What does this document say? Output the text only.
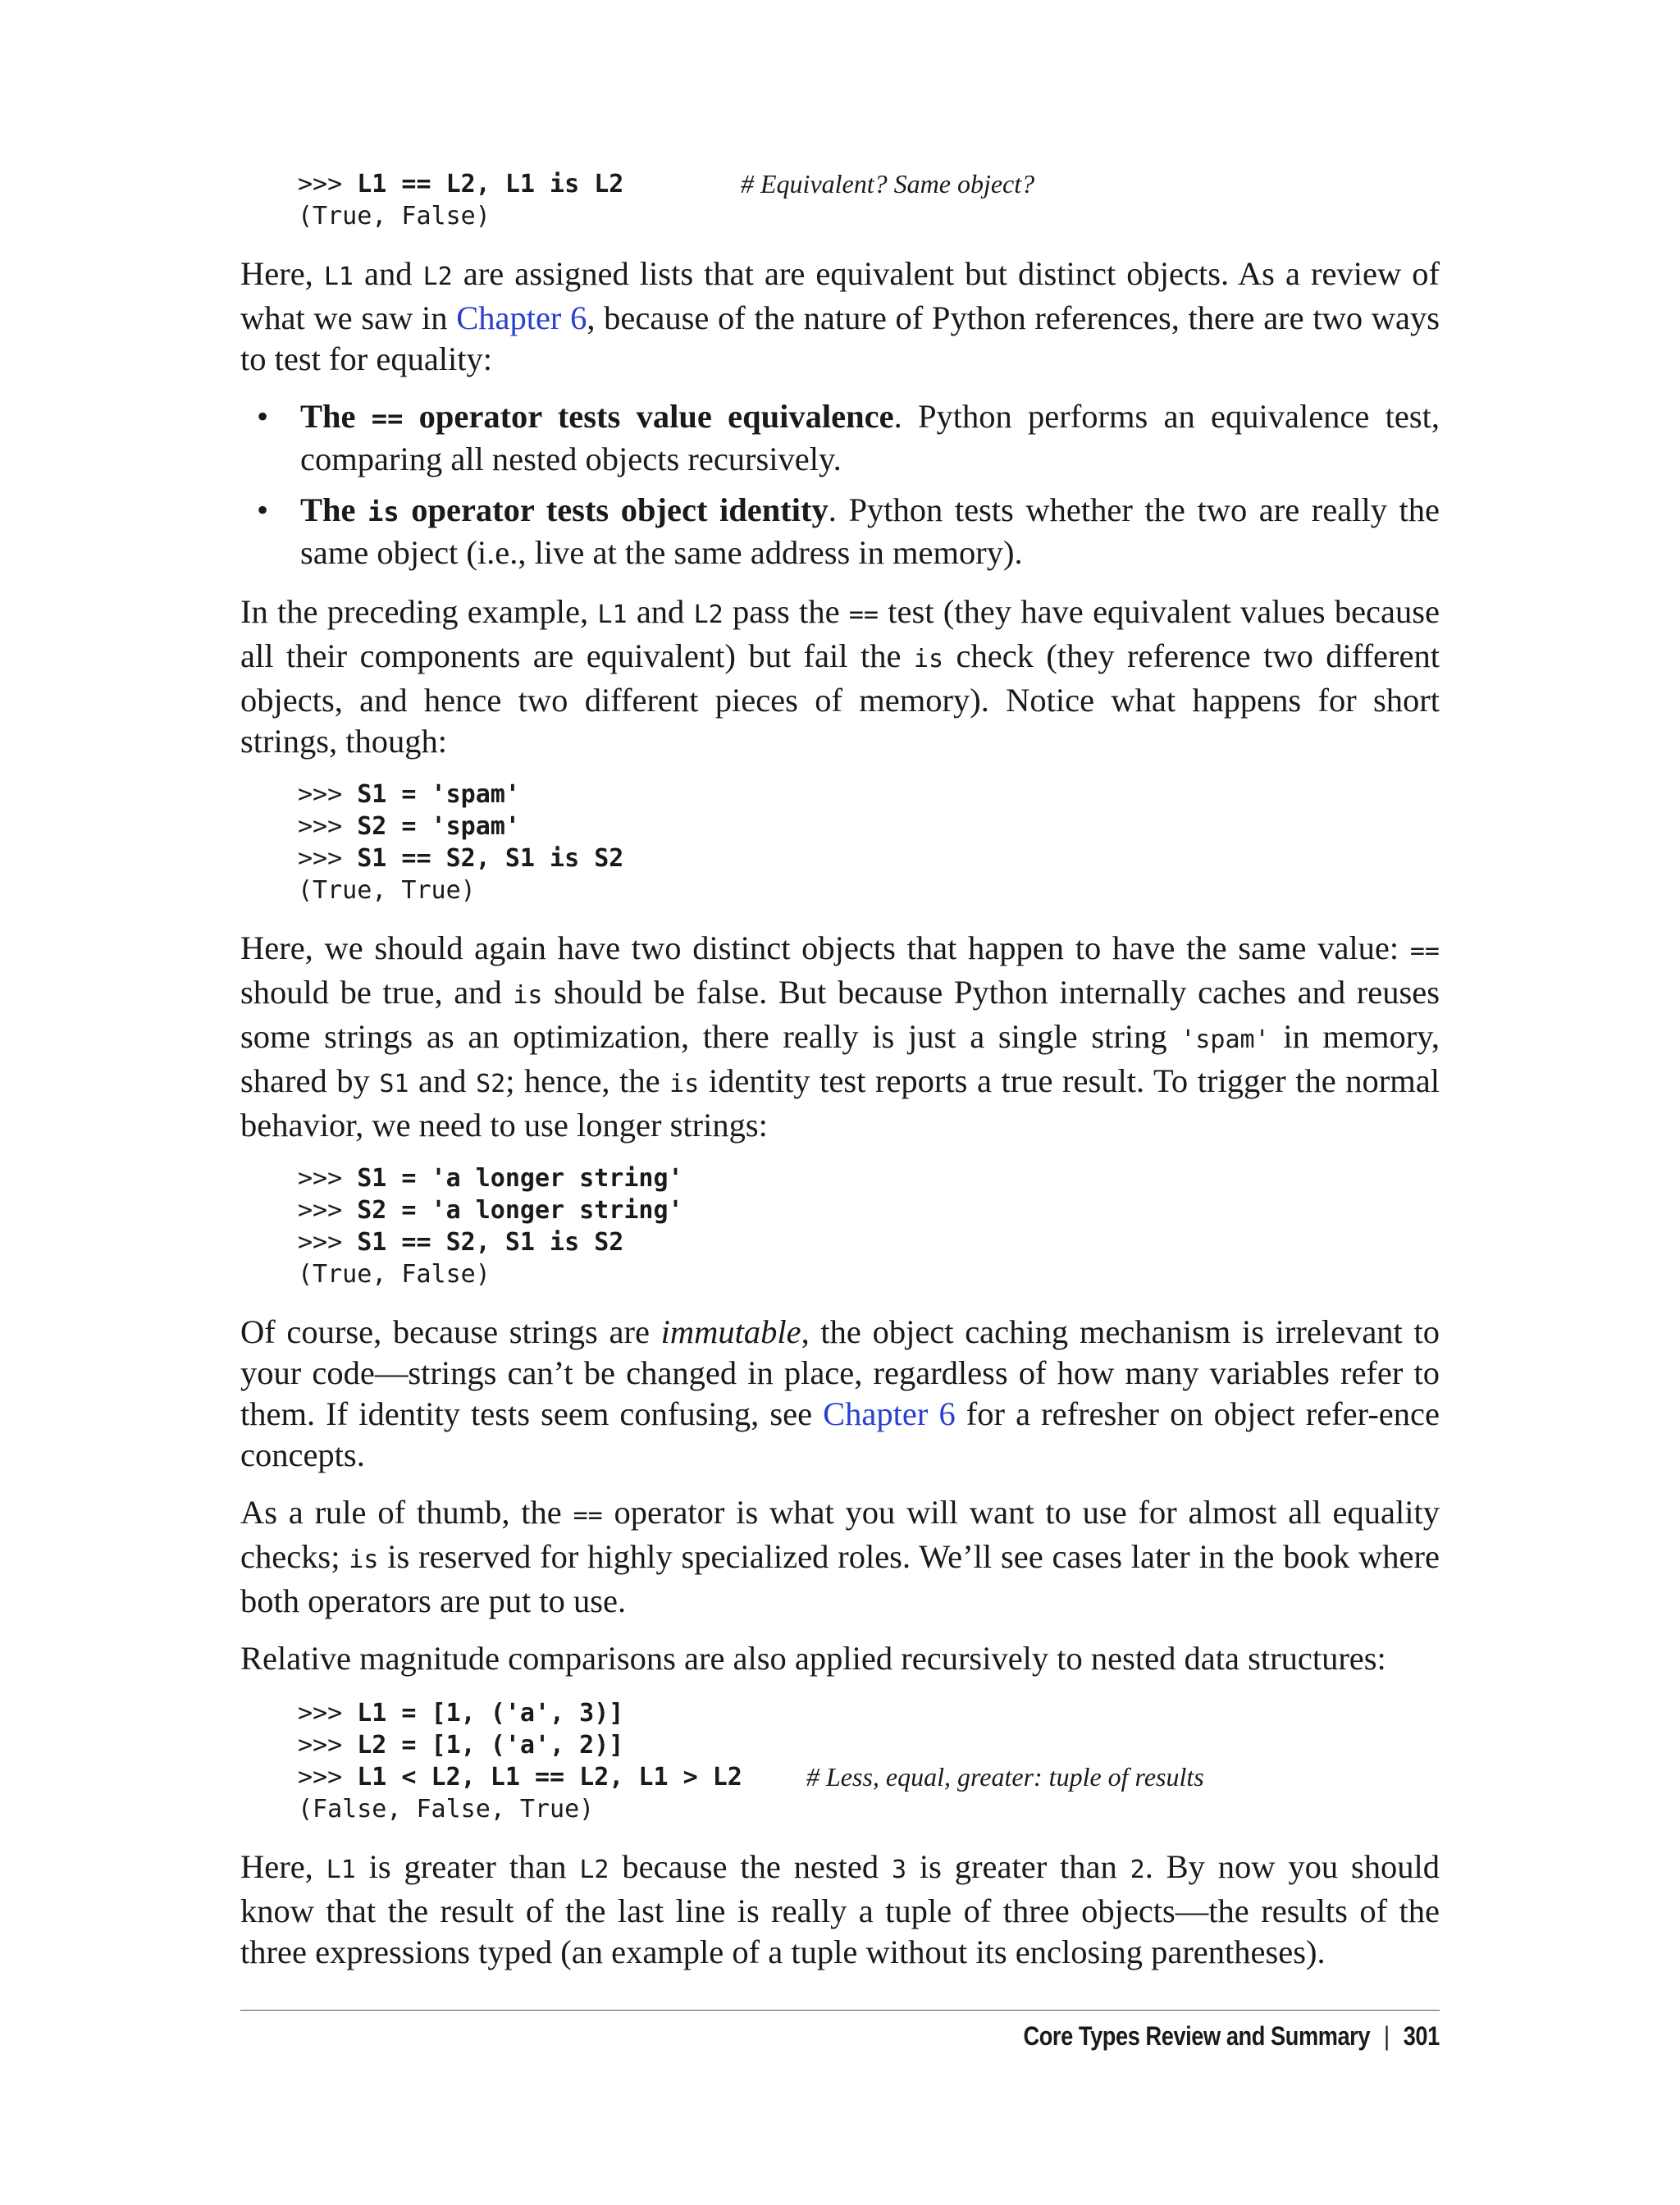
>>> L1 == L2, L1 is L2	# Equivalent? Same object?
(True, False)

Here, L1 and L2 are assigned lists that are equivalent but distinct objects. As a review of what we saw in Chapter 6, because of the nature of Python references, there are two ways to test for equality:

• The == operator tests value equivalence. Python performs an equivalence test, comparing all nested objects recursively.
• The is operator tests object identity. Python tests whether the two are really the same object (i.e., live at the same address in memory).

In the preceding example, L1 and L2 pass the == test (they have equivalent values because all their components are equivalent) but fail the is check (they reference two different objects, and hence two different pieces of memory). Notice what happens for short strings, though:

>>> S1 = 'spam'
>>> S2 = 'spam'
>>> S1 == S2, S1 is S2
(True, True)

Here, we should again have two distinct objects that happen to have the same value: == should be true, and is should be false. But because Python internally caches and reuses some strings as an optimization, there really is just a single string 'spam' in memory, shared by S1 and S2; hence, the is identity test reports a true result. To trigger the normal behavior, we need to use longer strings:

>>> S1 = 'a longer string'
>>> S2 = 'a longer string'
>>> S1 == S2, S1 is S2
(True, False)

Of course, because strings are immutable, the object caching mechanism is irrelevant to your code—strings can’t be changed in place, regardless of how many variables refer to them. If identity tests seem confusing, see Chapter 6 for a refresher on object refer-ence concepts.

As a rule of thumb, the == operator is what you will want to use for almost all equality checks; is is reserved for highly specialized roles. We’ll see cases later in the book where both operators are put to use.

Relative magnitude comparisons are also applied recursively to nested data structures:

>>> L1 = [1, ('a', 3)]
>>> L2 = [1, ('a', 2)]
>>> L1 < L2, L1 == L2, L1 > L2 # Less, equal, greater: tuple of results
(False, False, True)

Here, L1 is greater than L2 because the nested 3 is greater than 2. By now you should know that the result of the last line is really a tuple of three objects—the results of the three expressions typed (an example of a tuple without its enclosing parentheses).

Core Types Review and Summary | 301
